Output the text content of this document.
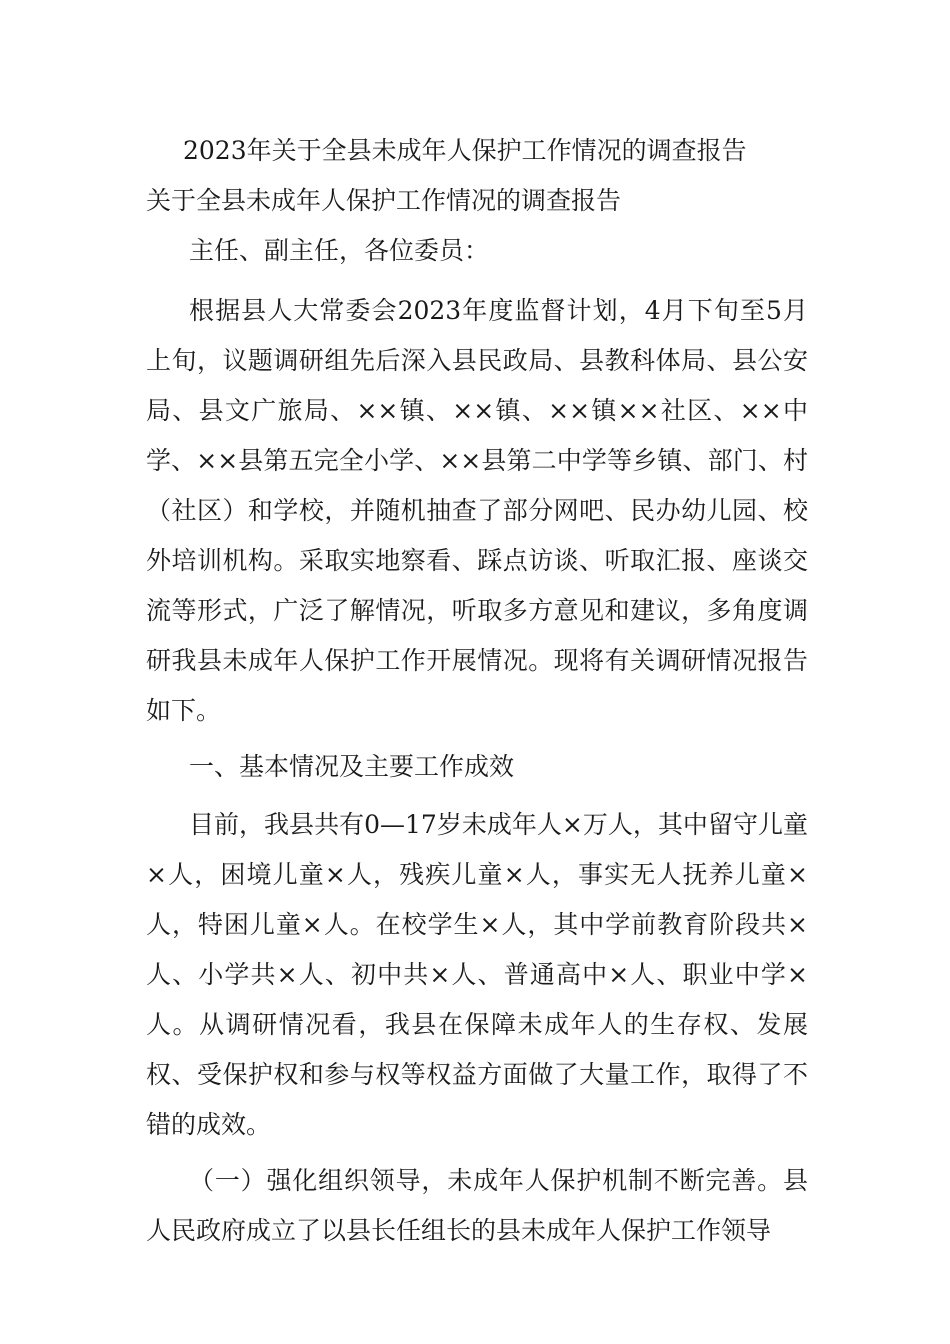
2023年关于全县未成年人保护工作情况的调查报告

关于全县未成年人保护工作情况的调查报告

主任、副主任，各位委员：

根据县人大常委会2023年度监督计划，4月下旬至5月上旬，议题调研组先后深入县民政局、县教科体局、县公安局、县文广旅局、××镇、××镇、××镇××社区、××中学、××县第五完全小学、××县第二中学等乡镇、部门、村（社区）和学校，并随机抽查了部分网吧、民办幼儿园、校外培训机构。采取实地察看、踩点访谈、听取汇报、座谈交流等形式，广泛了解情况，听取多方意见和建议，多角度调研我县未成年人保护工作开展情况。现将有关调研情况报告如下。

一、基本情况及主要工作成效

目前，我县共有0—17岁未成年人×万人，其中留守儿童×人，困境儿童×人，残疾儿童×人，事实无人抚养儿童×人，特困儿童×人。在校学生×人，其中学前教育阶段共×人、小学共×人、初中共×人、普通高中×人、职业中学×人。从调研情况看，我县在保障未成年人的生存权、发展权、受保护权和参与权等权益方面做了大量工作，取得了不错的成效。

（一）强化组织领导，未成年人保护机制不断完善。县人民政府成立了以县长任组长的县未成年人保护工作领导
